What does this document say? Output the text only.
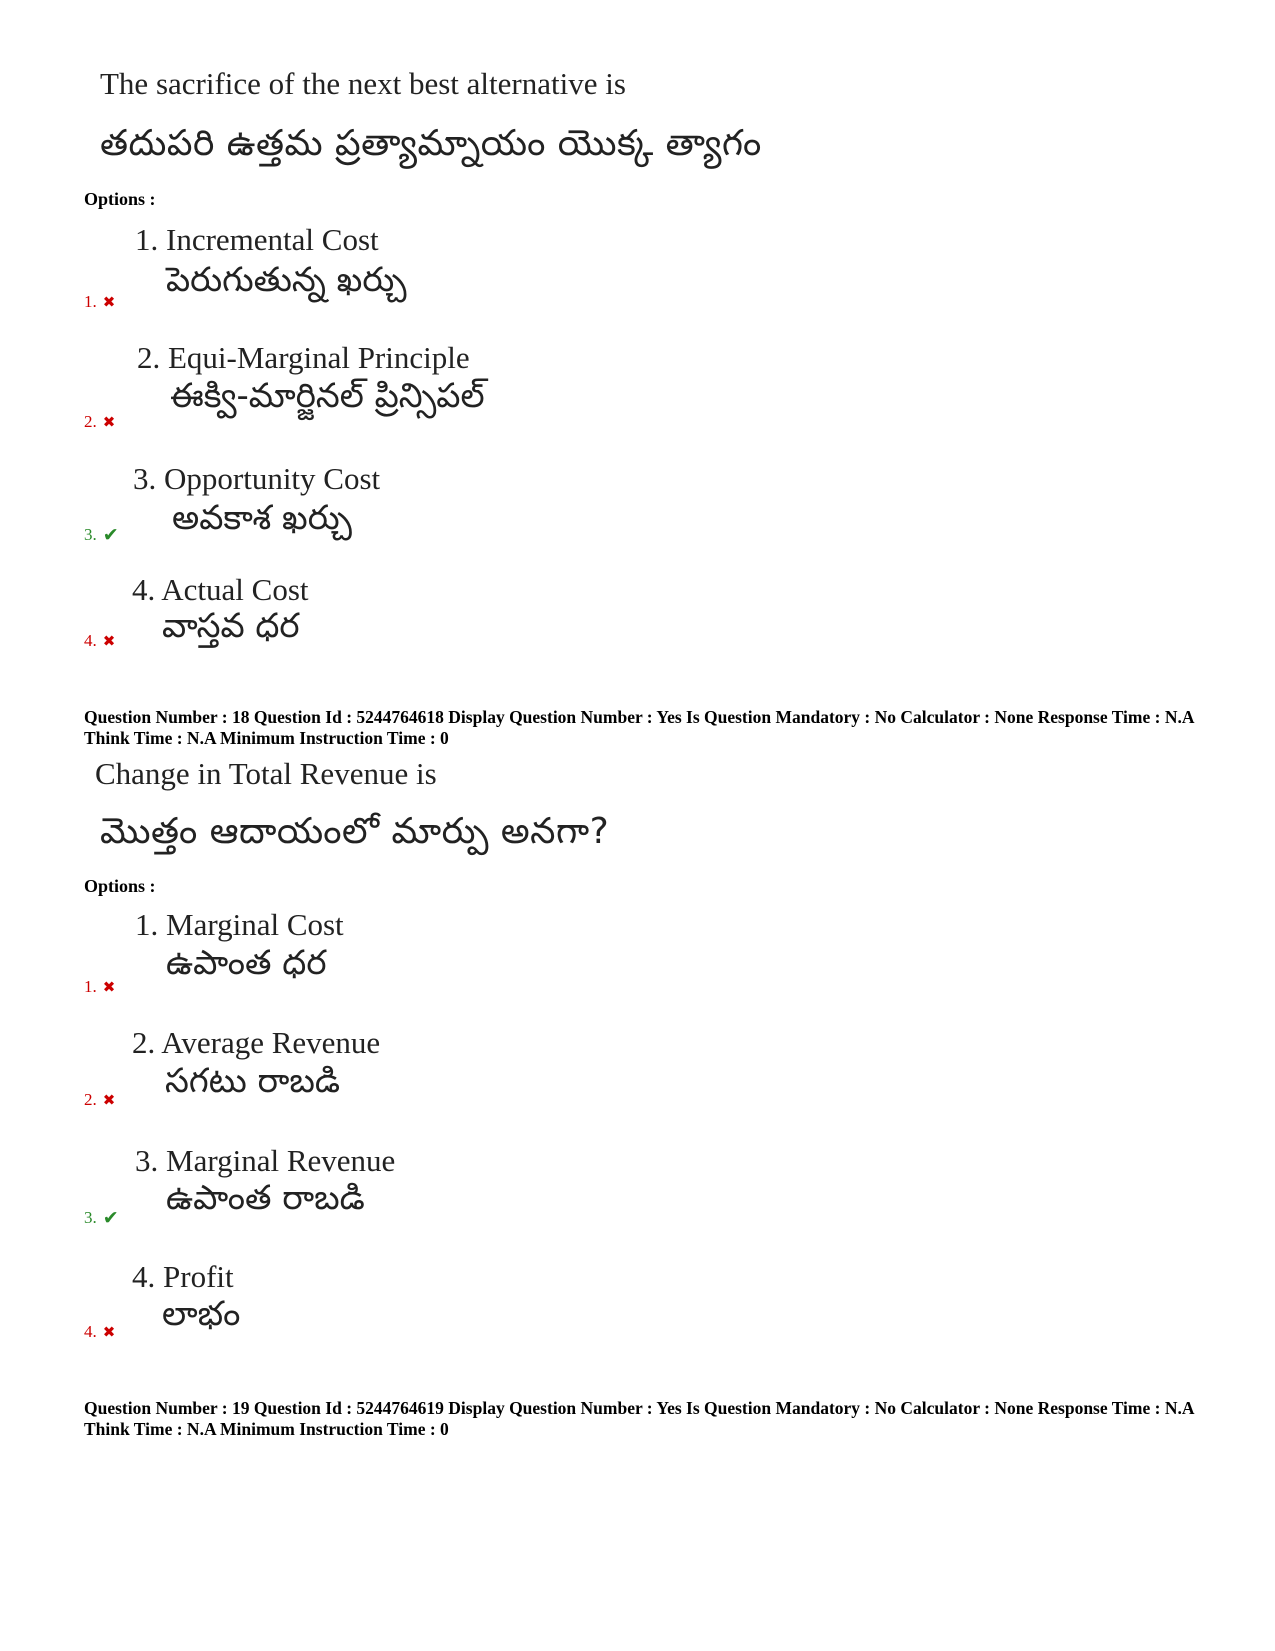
The sacrifice of the next best alternative is
తదుపరి ఉత్తమ ప్రత్యామ్నాయం యొక్క త్యాగం
Options :
1. Incremental Cost
పెరుగుతున్న ఖర్చు
1. ✖
2. Equi-Marginal Principle
ఈక్వి-మార్జినల్ ప్రిన్సిపల్
2. ✖
3. Opportunity Cost
అవకాశ ఖర్చు
3. ✔
4. Actual Cost
వాస్తవ ధర
4. ✖
Question Number : 18 Question Id : 5244764618 Display Question Number : Yes Is Question Mandatory : No Calculator : None Response Time : N.A Think Time : N.A Minimum Instruction Time : 0
Change in Total Revenue is
మొత్తం ఆదాయంలో మార్పు అనగా?
Options :
1. Marginal Cost
ఉపాంత ధర
1. ✖
2. Average Revenue
సగటు రాబడి
2. ✖
3. Marginal Revenue
ఉపాంత రాబడి
3. ✔
4. Profit
లాభం
4. ✖
Question Number : 19 Question Id : 5244764619 Display Question Number : Yes Is Question Mandatory : No Calculator : None Response Time : N.A Think Time : N.A Minimum Instruction Time : 0
